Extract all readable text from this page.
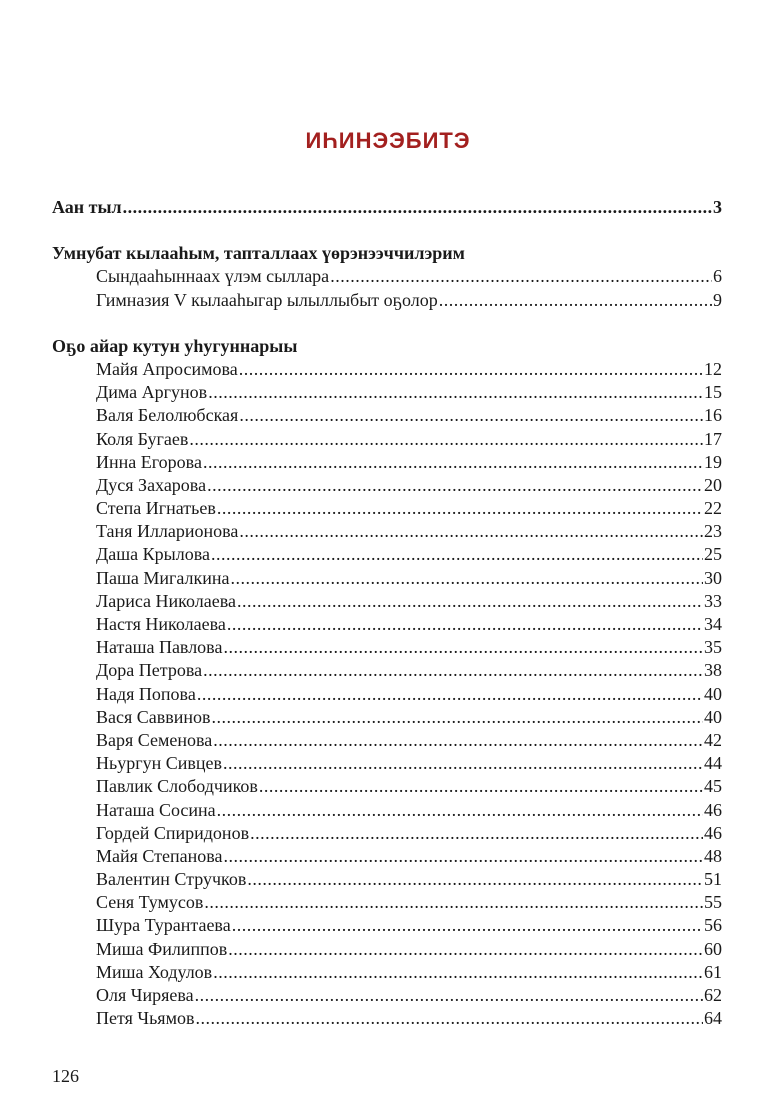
ИҺИНЭЭБИТЭ
Аан тыл .....	3
Умнубат кылааһым, тапталлаах үөрэнээччилэрим
Сындааһыннаах үлэм сыллара .....	6
Гимназия V кылааһыгар ылыллыбыт оҕолор .....	9
Оҕо айар кутун уһугуннарыы
Майя Апросимова .....	12
Дима Аргунов .....	15
Валя Белолюбская .....	16
Коля Бугаев .....	17
Инна Егорова .....	19
Дуся Захарова .....	20
Степа Игнатьев .....	22
Таня Илларионова .....	23
Даша Крылова .....	25
Паша Мигалкина .....	30
Лариса Николаева .....	33
Настя Николаева .....	34
Наташа Павлова .....	35
Дора Петрова .....	38
Надя Попова .....	40
Вася Саввинов .....	40
Варя Семенова .....	42
Ньургун Сивцев .....	44
Павлик Слободчиков .....	45
Наташа Сосина .....	46
Гордей Спиридонов .....	46
Майя Степанова .....	48
Валентин Стручков .....	51
Сеня Тумусов .....	55
Шура Турантаева .....	56
Миша Филиппов .....	60
Миша Ходулов .....	61
Оля Чиряева .....	62
Петя Чьямов .....	64
126
